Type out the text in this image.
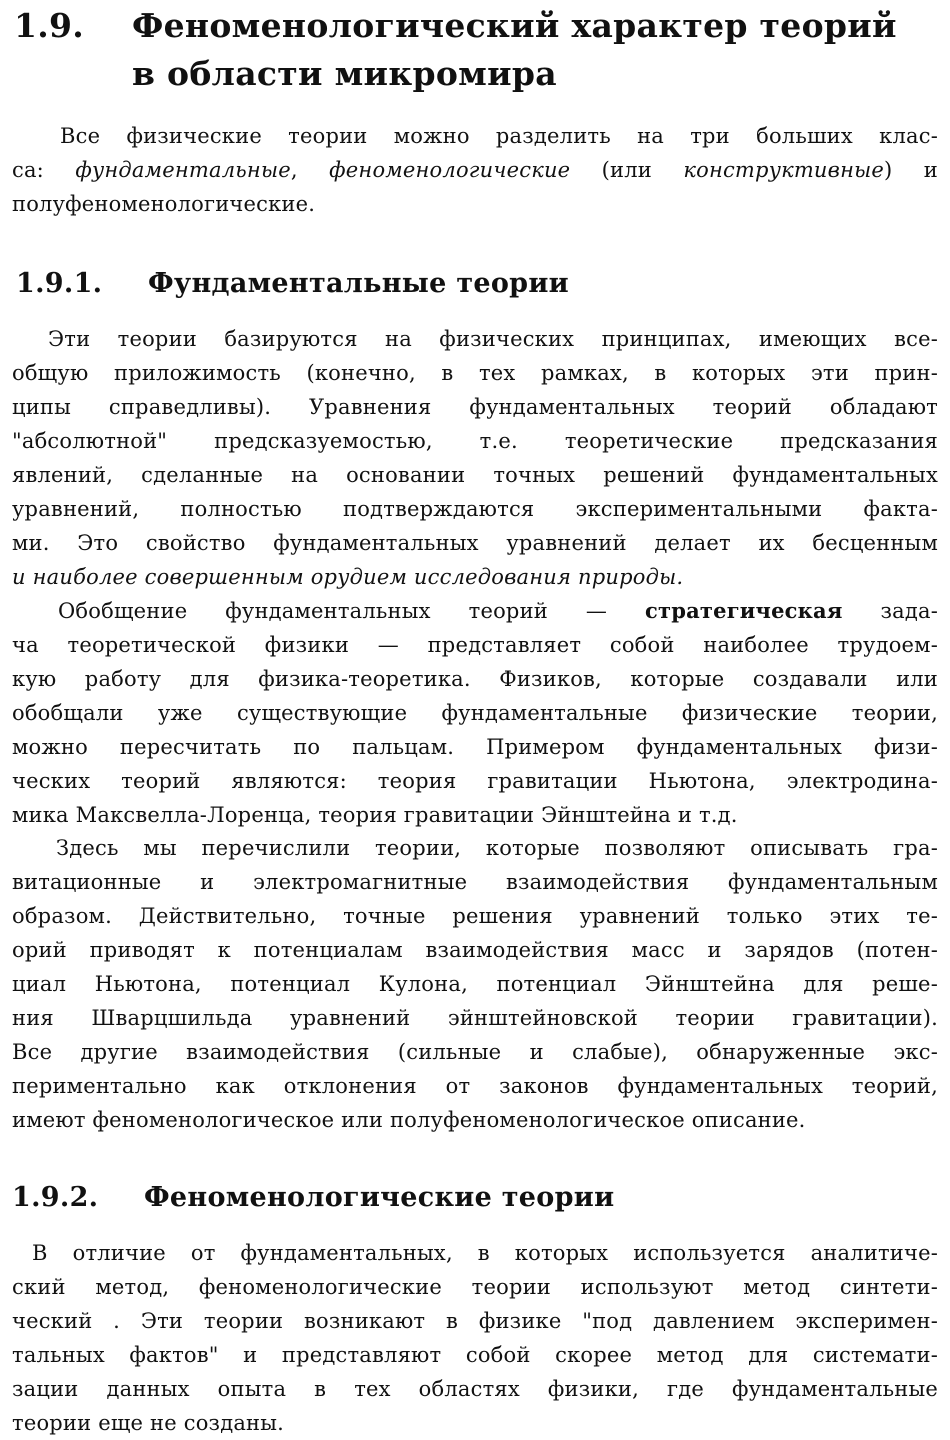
1.9. Феноменологический характер теорий
в области микромира
Все физические теории можно разделить на три больших клас-
са: фундаментальные, феноменологические (или конструктивные) и
полуфеноменологические.
1.9.1. Фундаментальные теории
Эти теории базируются на физических принципах, имеющих все-
общую приложимость (конечно, в тех рамках, в которых эти прин-
ципы справедливы). Уравнения фундаментальных теорий обладают
"абсолютной" предсказуемостью, т.е. теоретические предсказания
явлений, сделанные на основании точных решений фундаментальных
уравнений, полностью подтверждаются экспериментальными факта-
ми. Это свойство фундаментальных уравнений делает их бесценным
и наиболее совершенным орудием исследования природы.
Обобщение фундаментальных теорий — стратегическая зада-
ча теоретической физики — представляет собой наиболее трудоем-
кую работу для физика-теоретика. Физиков, которые создавали или
обобщали уже существующие фундаментальные физические теории,
можно пересчитать по пальцам. Примером фундаментальных физи-
ческих теорий являются: теория гравитации Ньютона, электродина-
мика Максвелла-Лоренца, теория гравитации Эйнштейна и т.д.
Здесь мы перечислили теории, которые позволяют описывать гра-
витационные и электромагнитные взаимодействия фундаментальным
образом. Действительно, точные решения уравнений только этих те-
орий приводят к потенциалам взаимодействия масс и зарядов (потен-
циал Ньютона, потенциал Кулона, потенциал Эйнштейна для реше-
ния Шварцшильда уравнений эйнштейновской теории гравитации).
Все другие взаимодействия (сильные и слабые), обнаруженные экс-
периментально как отклонения от законов фундаментальных теорий,
имеют феноменологическое или полуфеноменологическое описание.
1.9.2. Феноменологические теории
В отличие от фундаментальных, в которых используется аналитиче-
ский метод, феноменологические теории используют метод синтети-
ческий . Эти теории возникают в физике "под давлением эксперимен-
тальных фактов" и представляют собой скорее метод для системати-
зации данных опыта в тех областях физики, где фундаментальные
теории еще не созданы.
